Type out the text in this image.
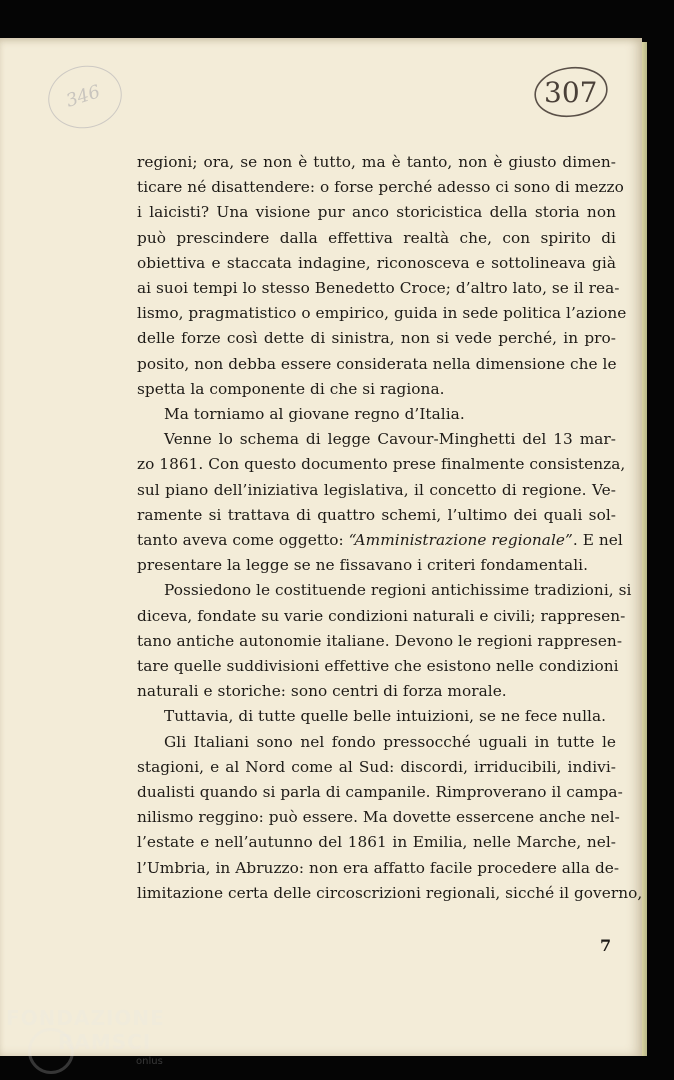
346	307
regioni; ora, se non è tutto, ma è tanto, non è giusto dimen-
ticare né disattendere: o forse perché adesso ci sono di mezzo
i laicisti? Una visione pur anco storicistica della storia non
può prescindere dalla effettiva realtà che, con spirito di
obiettiva e staccata indagine, riconosceva e sottolineava già
ai suoi tempi lo stesso Benedetto Croce; d’altro lato, se il rea-
lismo, pragmatistico o empirico, guida in sede politica l’azione
delle forze così dette di sinistra, non si vede perché, in pro-
posito, non debba essere considerata nella dimensione che le
spetta la componente di che si ragiona.
Ma torniamo al giovane regno d’Italia.
Venne lo schema di legge Cavour-Minghetti del 13 mar-
zo 1861. Con questo documento prese finalmente consistenza,
sul piano dell’iniziativa legislativa, il concetto di regione. Ve-
ramente si trattava di quattro schemi, l’ultimo dei quali sol-
tanto aveva come oggetto: “Amministrazione regionale”. E nel
presentare la legge se ne fissavano i criteri fondamentali.
Possiedono le costituende regioni antichissime tradizioni, si
diceva, fondate su varie condizioni naturali e civili; rappresen-
tano antiche autonomie italiane. Devono le regioni rappresen-
tare quelle suddivisioni effettive che esistono nelle condizioni
naturali e storiche: sono centri di forza morale.
Tuttavia, di tutte quelle belle intuizioni, se ne fece nulla.
Gli Italiani sono nel fondo pressocché uguali in tutte le
stagioni, e al Nord come al Sud: discordi, irriducibili, indivi-
dualisti quando si parla di campanile. Rimproverano il campa-
nilismo reggino: può essere. Ma dovette essercene anche nel-
l’estate e nell’autunno del 1861 in Emilia, nelle Marche, nel-
l’Umbria, in Abruzzo: non era affatto facile procedere alla de-
limitazione certa delle circoscrizioni regionali, sicché il governo,
7
FONDAZIONE
RAMSCI
onlus
